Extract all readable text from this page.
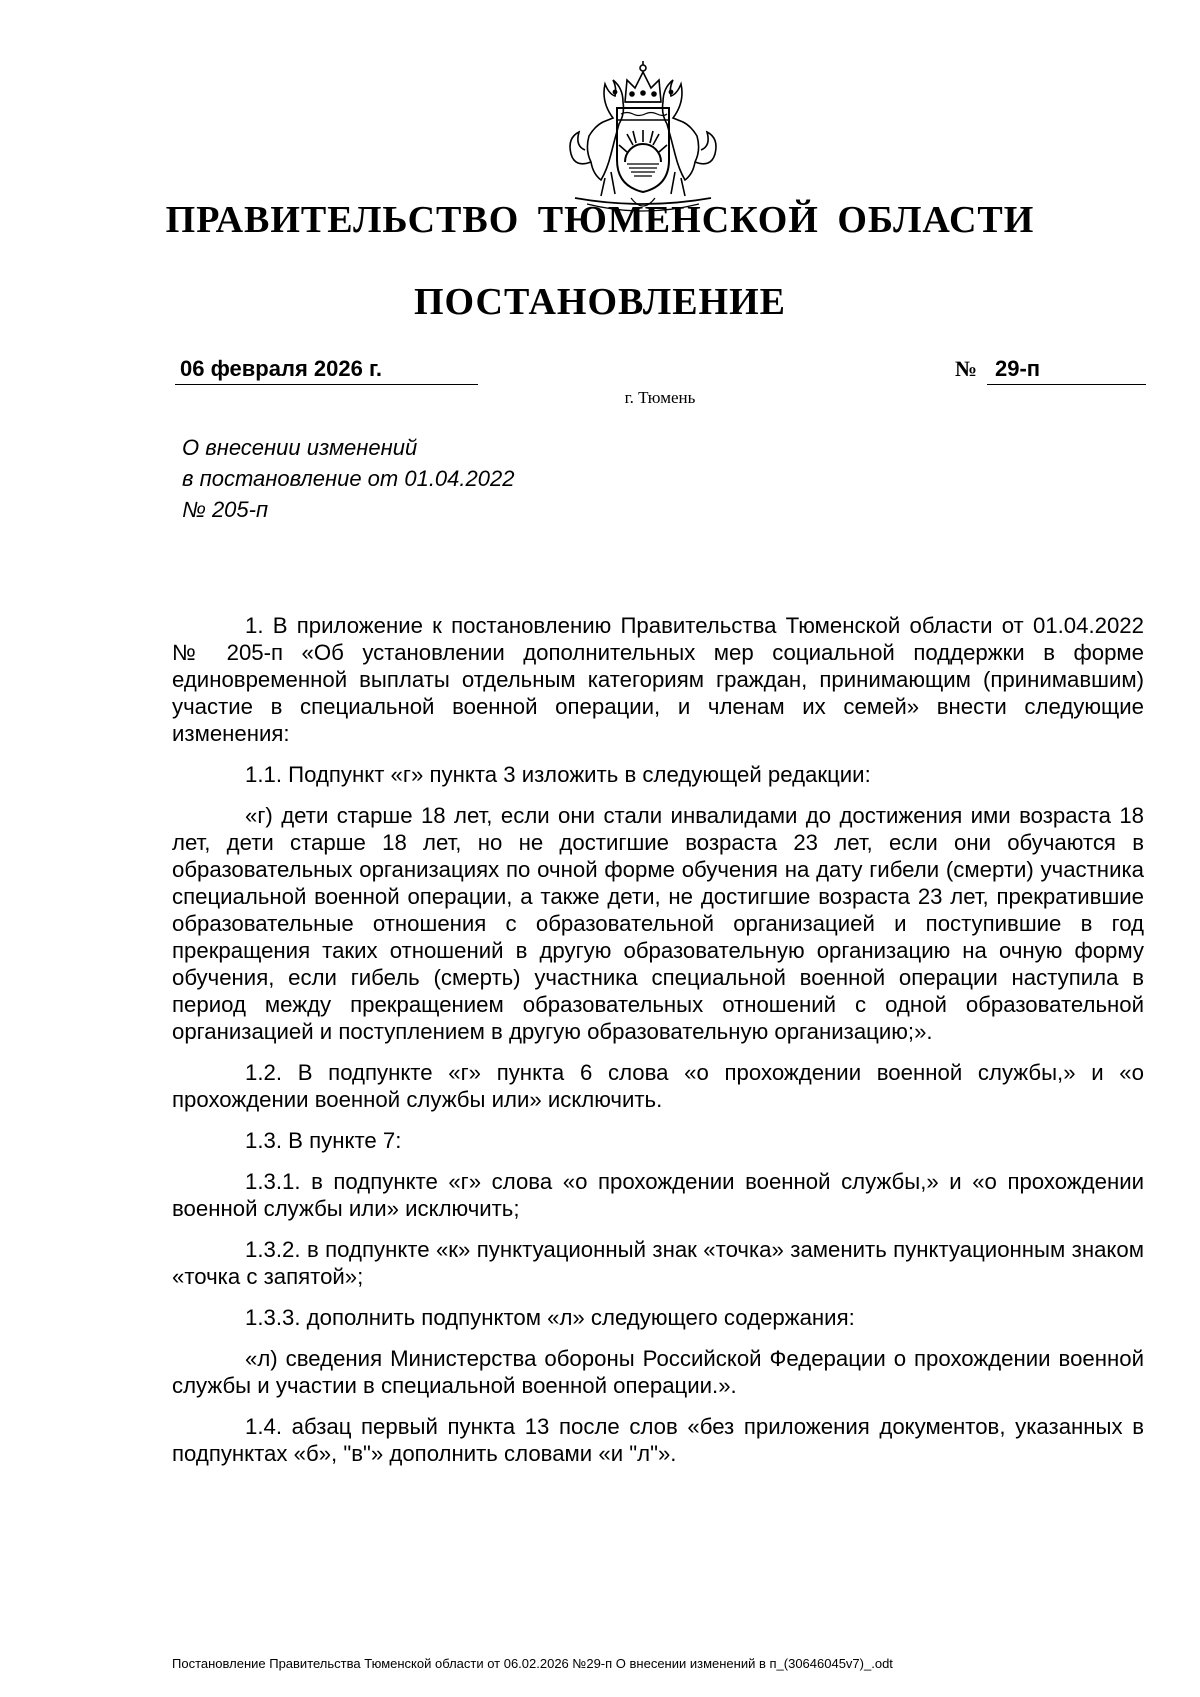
ПРАВИТЕЛЬСТВО ТЮМЕНСКОЙ ОБЛАСТИ
ПОСТАНОВЛЕНИЕ
06 февраля 2026 г.	№ 29-п
г. Тюмень
О внесении изменений
в постановление от 01.04.2022
№ 205-п

1. В приложение к постановлению Правительства Тюменской области от 01.04.2022 № 205-п «Об установлении дополнительных мер социальной поддержки в форме единовременной выплаты отдельным категориям граждан, принимающим (принимавшим) участие в специальной военной операции, и членам их семей» внести следующие изменения:

1.1. Подпункт «г» пункта 3 изложить в следующей редакции:

«г) дети старше 18 лет, если они стали инвалидами до достижения ими возраста 18 лет, дети старше 18 лет, но не достигшие возраста 23 лет, если они обучаются в образовательных организациях по очной форме обучения на дату гибели (смерти) участника специальной военной операции, а также дети, не достигшие возраста 23 лет, прекратившие образовательные отношения с образовательной организацией и поступившие в год прекращения таких отношений в другую образовательную организацию на очную форму обучения, если гибель (смерть) участника специальной военной операции наступила в период между прекращением образовательных отношений с одной образовательной организацией и поступлением в другую образовательную организацию;».

1.2. В подпункте «г» пункта 6 слова «о прохождении военной службы,» и «о прохождении военной службы или» исключить.

1.3. В пункте 7:

1.3.1. в подпункте «г» слова «о прохождении военной службы,» и «о прохождении военной службы или» исключить;

1.3.2. в подпункте «к» пунктуационный знак «точка» заменить пунктуационным знаком «точка с запятой»;

1.3.3. дополнить подпунктом «л» следующего содержания:

«л) сведения Министерства обороны Российской Федерации о прохождении военной службы и участии в специальной военной операции.».

1.4. абзац первый пункта 13 после слов «без приложения документов, указанных в подпунктах «б», "в"» дополнить словами «и "л"».

Постановление Правительства Тюменской области от 06.02.2026 №29-п О внесении изменений в п_(30646045v7)_.odt
